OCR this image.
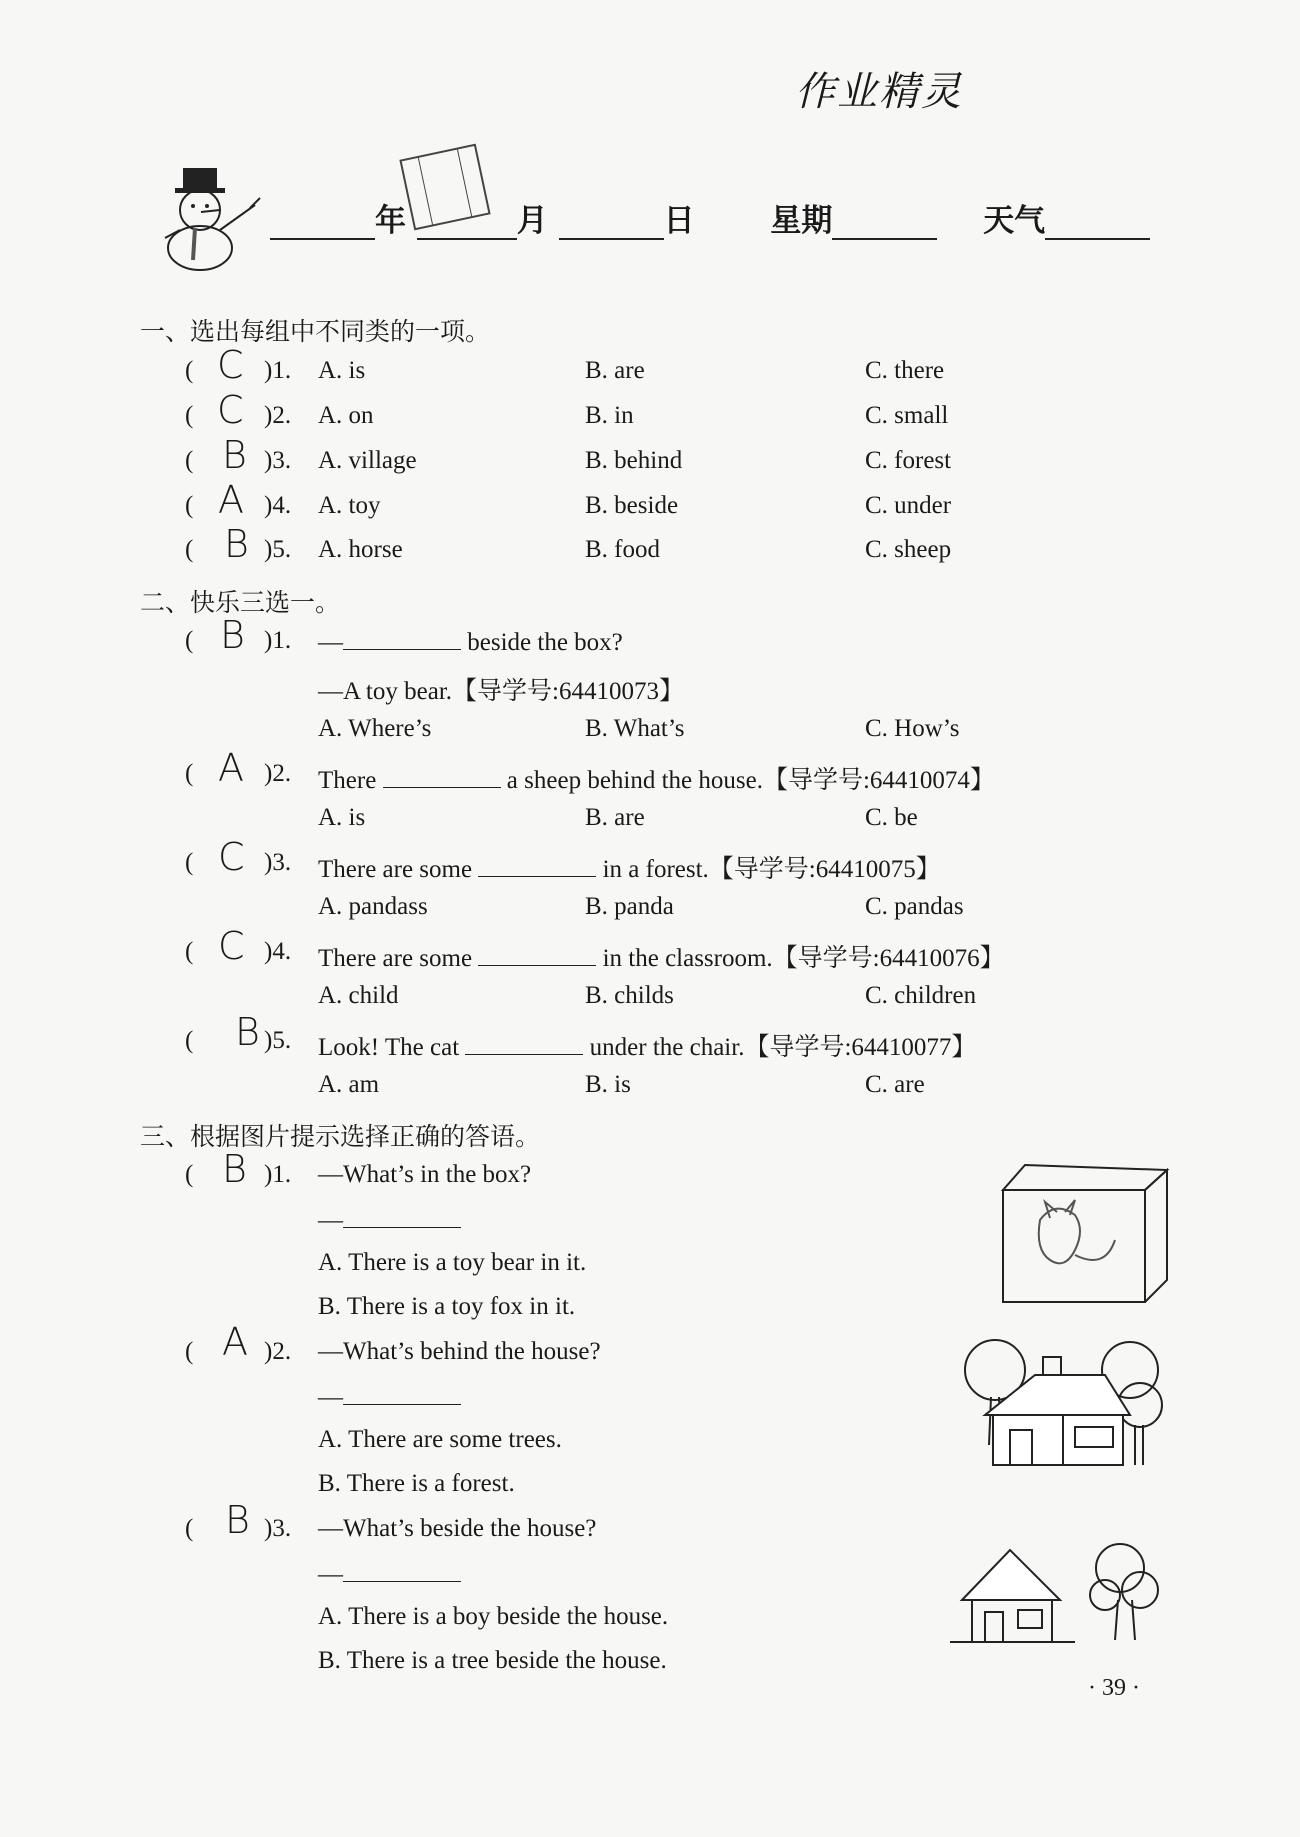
作业精灵
年	月	日 星期	天气
一、选出每组中不同类的一项。
( C )1. A. is	B. are	C. there
( C )2. A. on	B. in	C. small
( B )3. A. village	B. behind	C. forest
( A )4. A. toy	B. beside	C. under
( B )5. A. horse	B. food	C. sheep
二、快乐三选一。
( B )1. —	beside the box?
—A toy bear.【导学号:64410073】
A. Where’s	B. What’s	C. How’s
( A )2. There	a sheep behind the house.【导学号:64410074】
A. is	B. are	C. be
( C )3. There are some	in a forest.【导学号:64410075】
A. pandass	B. panda	C. pandas
( C )4. There are some	in the classroom.【导学号:64410076】
A. child	B. childs	C. children
( B )5. Look! The cat	under the chair.【导学号:64410077】
A. am	B. is	C. are
三、根据图片提示选择正确的答语。
( B )1. —What’s in the box?
—
A. There is a toy bear in it.
B. There is a toy fox in it.
( A )2. —What’s behind the house?
—
A. There are some trees.
B. There is a forest.
( B )3. —What’s beside the house?
—
A. There is a boy beside the house.
B. There is a tree beside the house.
· 39 ·
